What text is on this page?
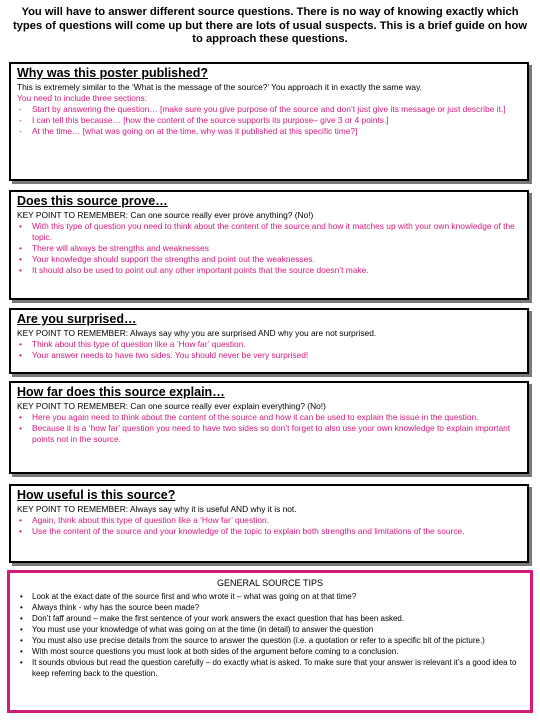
You will have to answer different source questions. There is no way of knowing exactly which types of questions will come up but there are lots of usual suspects. This is a brief guide on how to approach these questions.
Why was this poster published?

This is extremely similar to the ‘What is the message of the source?’ You approach it in exactly the same way.

You need to include three sections:

- Start by answering the question… [make sure you give purpose of the source and don’t just give its message or just describe it.]
- I can tell this because… [how the content of the source supports its purpose– give 3 or 4 points.]
- At the time… [what was going on at the time, why was it published at this specific time?]
Does this source prove…

KEY POINT TO REMEMBER: Can one source really ever prove anything? (No!)

• With this type of question you need to think about the content of the source and how it matches up with your own knowledge of the topic.
• There will always be strengths and weaknesses
• Your knowledge should support the strengths and point out the weaknesses.
• It should also be used to point out any other important points that the source doesn’t make.
Are you surprised…

KEY POINT TO REMEMBER: Always say why you are surprised AND why you are not surprised.

• Think about this type of question like a ‘How far’ question.
• Your answer needs to have two sides. You should never be very surprised!
How far does this source explain…

KEY POINT TO REMEMBER: Can one source really ever explain everything? (No!)

• Here you again need to think about the content of the source and how it can be used to explain the issue in the question.
• Because it is a ‘how far’ question you need to have two sides so don’t forget to also use your own knowledge to explain important points not in the source.
How useful is this source?

KEY POINT TO REMEMBER: Always say why it is useful AND why it is not.

• Again, think about this type of question like a ‘How far’ question.
• Use the content of the source and your knowledge of the topic to explain both strengths and limitations of the source.
GENERAL SOURCE TIPS
• Look at the exact date of the source first and who wrote it – what was going on at that time?
• Always think - why has the source been made?
• Don’t faff around – make the first sentence of your work answers the exact question that has been asked.
• You must use your knowledge of what was going on at the time (in detail) to answer the question
• You must also use precise details from the source to answer the question (i.e. a quotation or refer to a specific bit of the picture.)
• With most source questions you must look at both sides of the argument before coming to a conclusion.
• It sounds obvious but read the question carefully – do exactly what is asked. To make sure that your answer is relevant it’s a good idea to keep referring back to the question.
